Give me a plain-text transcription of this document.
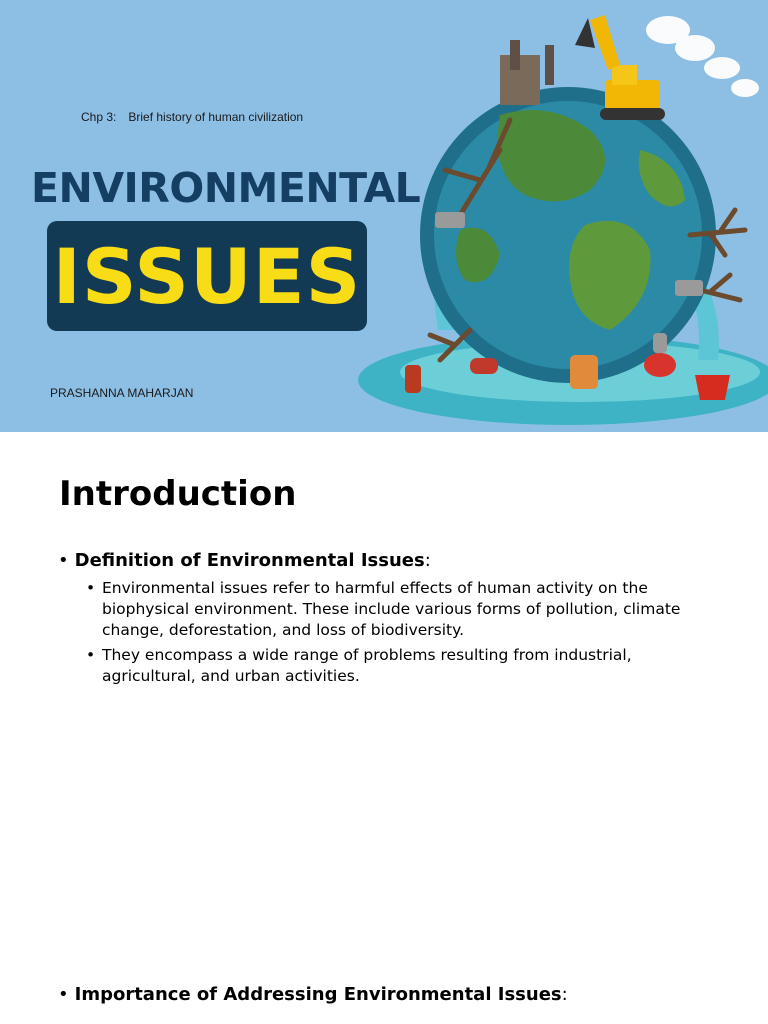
Chp 3: Brief history of human civilization
ENVIRONMENTAL
ISSUES
PRASHANNA MAHARJAN
Introduction
• Definition of Environmental Issues:
• Environmental issues refer to harmful effects of human activity on the biophysical environment. These include various forms of pollution, climate change, deforestation, and loss of biodiversity.
• They encompass a wide range of problems resulting from industrial, agricultural, and urban activities.
• Importance of Addressing Environmental Issues:
